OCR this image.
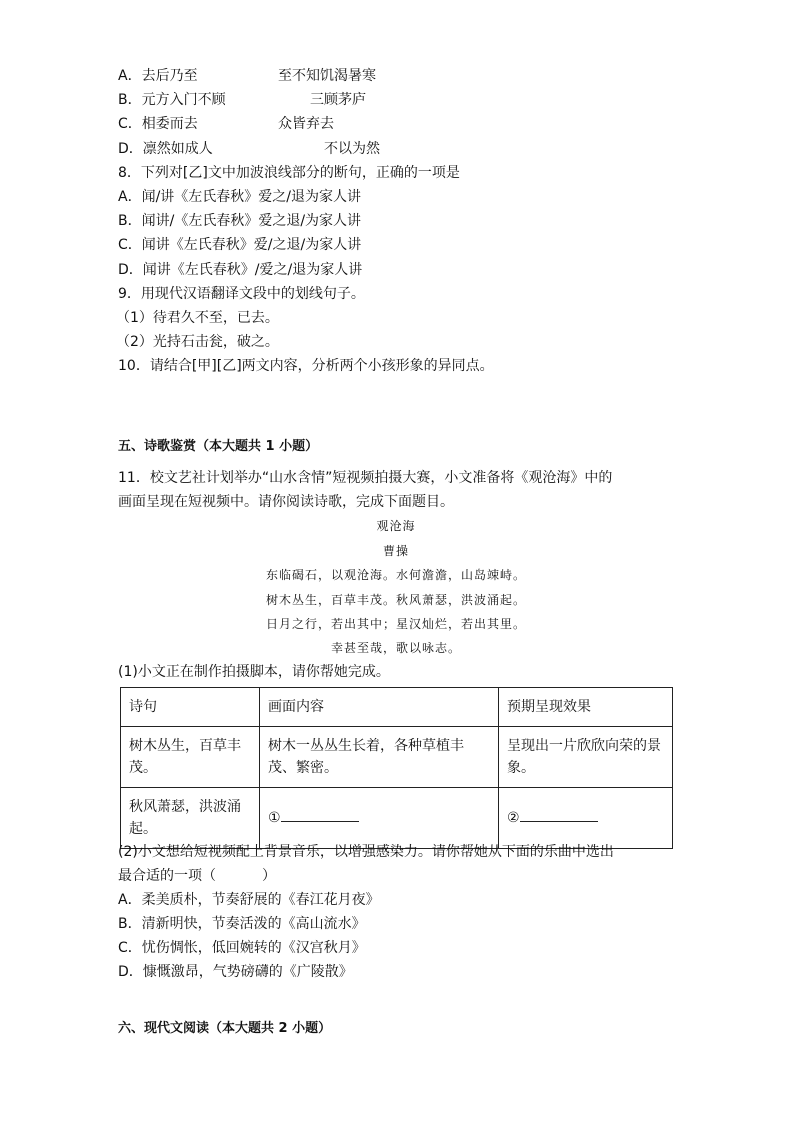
A．去后乃至	至不知饥渴暑寒
B．元方入门不顾	三顾茅庐
C．相委而去	众皆弃去
D．凛然如成人	不以为然
8．下列对[乙]文中加波浪线部分的断句，正确的一项是
A．闻/讲《左氏春秋》爱之/退为家人讲
B．闻讲/《左氏春秋》爱之退/为家人讲
C．闻讲《左氏春秋》爱/之退/为家人讲
D．闻讲《左氏春秋》/爱之/退为家人讲
9．用现代汉语翻译文段中的划线句子。
（1）待君久不至，已去。
（2）光持石击瓮，破之。
10．请结合[甲][乙]两文内容，分析两个小孩形象的异同点。
五、诗歌鉴赏（本大题共 1 小题）
11．校文艺社计划举办“山水含情”短视频拍摄大赛，小文准备将《观沧海》中的
画面呈现在短视频中。请你阅读诗歌，完成下面题目。
观沧海
曹操
东临碣石，以观沧海。水何澹澹，山岛竦峙。
树木丛生，百草丰茂。秋风萧瑟，洪波涌起。
日月之行，若出其中；星汉灿烂，若出其里。
幸甚至哉，歌以咏志。
(1)小文正在制作拍摄脚本，请你帮她完成。
诗句	画面内容	预期呈现效果
树木丛生，百草丰茂。	树木一丛丛生长着，各种草植丰茂、繁密。	呈现出一片欣欣向荣的景象。
秋风萧瑟，洪波涌起。	①	②
(2)小文想给短视频配上背景音乐，以增强感染力。请你帮她从下面的乐曲中选出
最合适的一项（	）
A．柔美质朴，节奏舒展的《春江花月夜》
B．清新明快，节奏活泼的《高山流水》
C．忧伤惆怅，低回婉转的《汉宫秋月》
D．慷慨激昂，气势磅礴的《广陵散》
六、现代文阅读（本大题共 2 小题）
